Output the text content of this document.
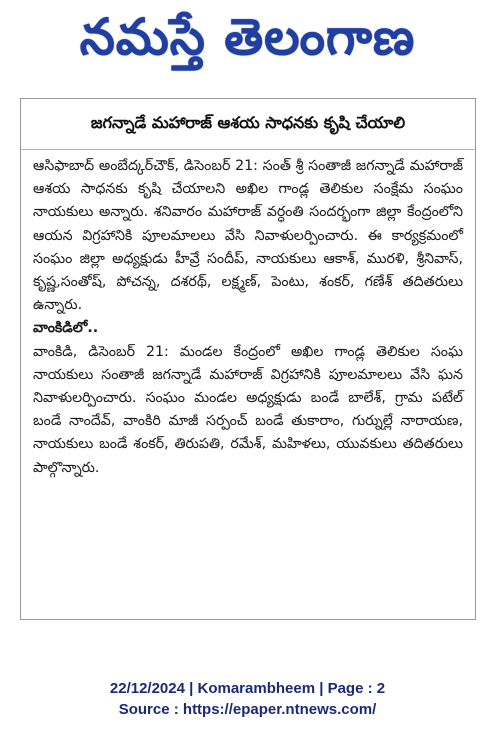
నమస్తే తెలంగాణ
జగన్నాడే మహారాజ్ ఆశయ సాధనకు కృషి చేయాలి

ఆసిఫాబాద్ అంబేద్కర్‌చౌక్, డిసెంబర్ 21: సంత్ శ్రీ సంతాజీ జగన్నాడే మహారాజ్ ఆశయ సాధనకు కృషి చేయాలని అఖిల గాండ్ల తెలికుల సంక్షేమ సంఘం నాయకులు అన్నారు. శనివారం మహారాజ్ వర్ధంతి సందర్భంగా జిల్లా కేంద్రంలోని ఆయన విగ్రహానికి పూలమాలలు వేసి నివాళులర్పించారు. ఈ కార్యక్రమంలో సంఘం జిల్లా అధ్యక్షుడు హీవ్రే సందీప్, నాయకులు ఆకాశ్, మురళి, శ్రీనివాస్, కృష్ణ,సంతోష్, పోచన్న, దశరథ్, లక్ష్మణ్, పెంటు, శంకర్, గణేశ్ తదితరులు ఉన్నారు.

వాంకిడిలో..

వాంకిడి, డిసెంబర్ 21: మండల కేంద్రంలో అఖిల గాండ్ల తెలికుల సంఘ నాయకులు సంతాజీ జగన్నాడే మహారాజ్ విగ్రహానికి పూలమాలలు వేసి ఘన నివాళులర్పించారు. సంఘం మండల అధ్యక్షుడు బండే బాలేశ్, గ్రామ పటేల్ బండే నాందేవ్, వాంకిరి మాజీ సర్పంచ్ బండే తుకారాం, గుర్నుల్లే నారాయణ, నాయకులు బండే శంకర్, తిరుపతి, రమేశ్, మహిళలు, యువకులు తదితరులు పాల్గొన్నారు.

22/12/2024 | Komarambheem | Page : 2
Source : https://epaper.ntnews.com/
